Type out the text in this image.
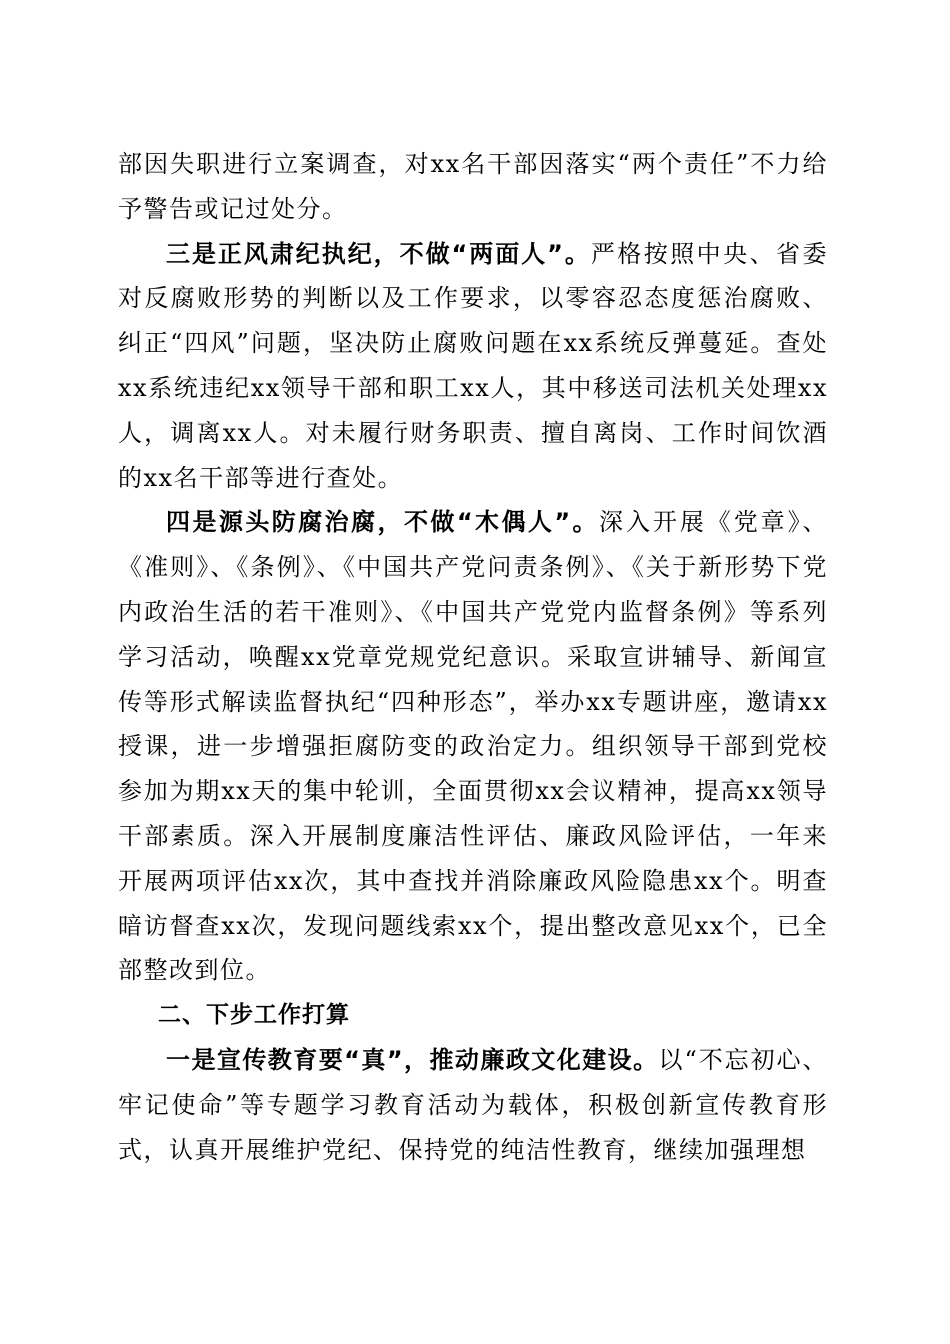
部因失职进行立案调查，对xx名干部因落实“两个责任”不力给予警告或记过处分。

三是正风肃纪执纪，不做“两面人”。严格按照中央、省委对反腐败形势的判断以及工作要求，以零容忍态度惩治腐败、纠正“四风”问题，坚决防止腐败问题在xx系统反弹蔓延。查处xx系统违纪xx领导干部和职工xx人，其中移送司法机关处理xx人，调离xx人。对未履行财务职责、擅自离岗、工作时间饮酒的xx名干部等进行查处。

四是源头防腐治腐，不做“木偶人”。深入开展《党章》、《准则》、《条例》、《中国共产党问责条例》、《关于新形势下党内政治生活的若干准则》、《中国共产党党内监督条例》等系列学习活动，唤醒xx党章党规党纪意识。采取宣讲辅导、新闻宣传等形式解读监督执纪“四种形态”，举办xx专题讲座，邀请xx授课，进一步增强拒腐防变的政治定力。组织领导干部到党校参加为期xx天的集中轮训，全面贯彻xx会议精神，提高xx领导干部素质。深入开展制度廉洁性评估、廉政风险评估，一年来开展两项评估xx次，其中查找并消除廉政风险隐患xx个。明查暗访督查xx次，发现问题线索xx个，提出整改意见xx个，已全部整改到位。

二、下步工作打算

一是宣传教育要“真”，推动廉政文化建设。以“不忘初心、牢记使命”等专题学习教育活动为载体，积极创新宣传教育形式，认真开展维护党纪、保持党的纯洁性教育，继续加强理想
